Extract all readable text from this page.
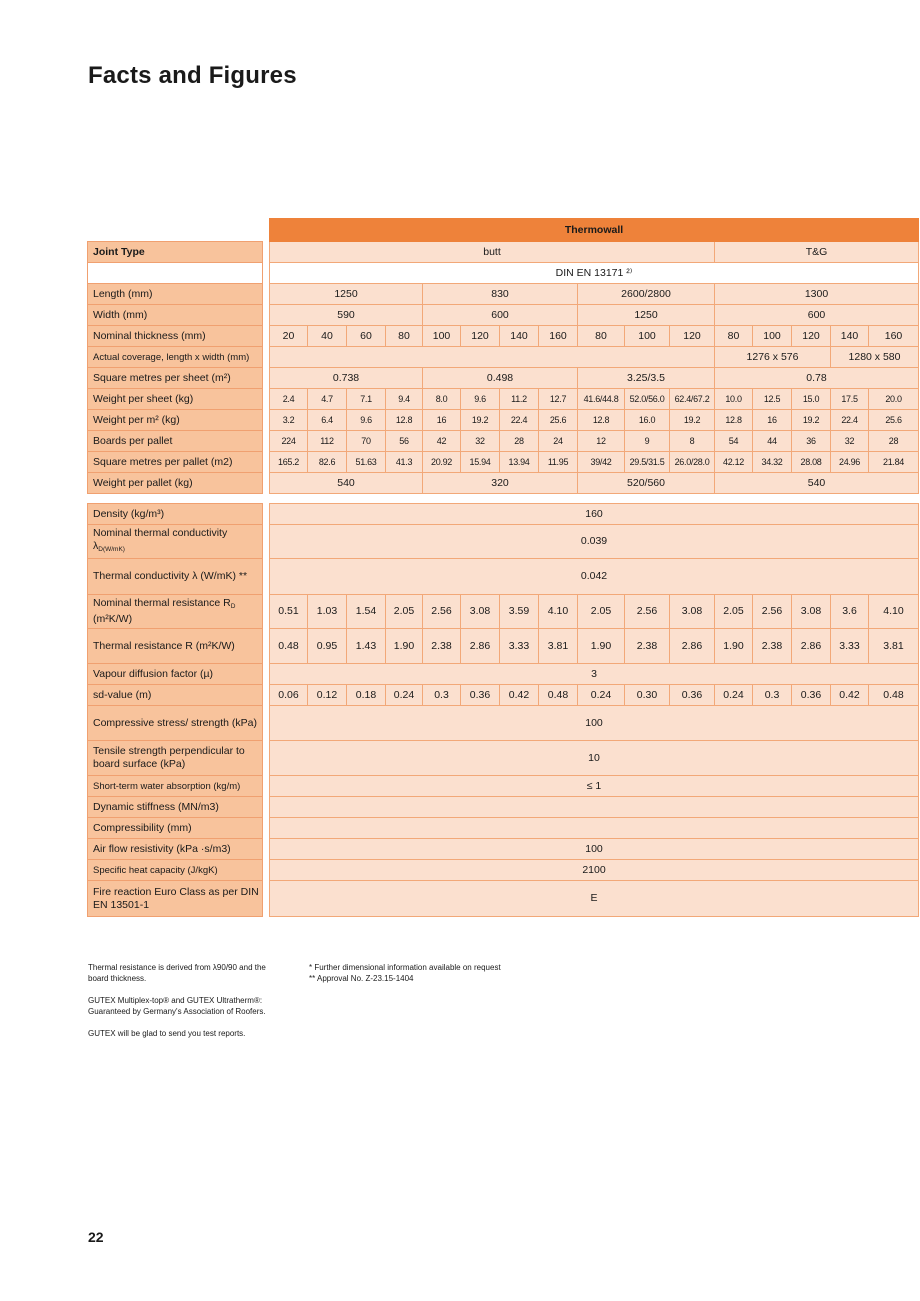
Facts and Figures
		Thermowall															
Joint Type		butt											T&G				
		DIN EN 13171 ²⁾															
Length (mm)		1250				830				2600/2800			1300				
Width (mm)		590				600				1250			600				
Nominal thickness (mm)		20	40	60	80	100	120	140	160	80	100	120	80	100	120	140	160
Actual coverage, length x width (mm)													1276 x 576			1280 x 580	
Square metres per sheet (m²)		0.738				0.498				3.25/3.5			0.78				
Weight per sheet (kg)		2.4	4.7	7.1	9.4	8.0	9.6	11.2	12.7	41.6/44.8	52.0/56.0	62.4/67.2	10.0	12.5	15.0	17.5	20.0
Weight per m² (kg)		3.2	6.4	9.6	12.8	16	19.2	22.4	25.6	12.8	16.0	19.2	12.8	16	19.2	22.4	25.6
Boards per pallet		224	112	70	56	42	32	28	24	12	9	8	54	44	36	32	28
Square metres per pallet (m2)		165.2	82.6	51.63	41.3	20.92	15.94	13.94	11.95	39/42	29.5/31.5	26.0/28.0	42.12	34.32	28.08	24.96	21.84
Weight per pallet (kg)		540				320				520/560			540				

Density (kg/m³)		160															
Nominal thermal conductivity $\lambda_{D(W/mK)}$		0.039															
Thermal conductivity λ (W/mK) **		0.042															
Nominal thermal resistance $R_D$ (m²K/W)		0.51	1.03	1.54	2.05	2.56	3.08	3.59	4.10	2.05	2.56	3.08	2.05	2.56	3.08	3.6	4.10
Thermal resistance R (m²K/W)		0.48	0.95	1.43	1.90	2.38	2.86	3.33	3.81	1.90	2.38	2.86	1.90	2.38	2.86	3.33	3.81
Vapour diffusion factor (µ)		3															
sd-value (m)		0.06	0.12	0.18	0.24	0.3	0.36	0.42	0.48	0.24	0.30	0.36	0.24	0.3	0.36	0.42	0.48
Compressive stress/ strength (kPa)		100															
Tensile strength perpendicular to board surface (kPa)		10															
Short-term water absorption (kg/m)		≤ 1															
Dynamic stiffness (MN/m3)																	
Compressibility (mm)																	
Air flow resistivity (kPa ·s/m3)		100															
Specific heat capacity (J/kgK)		2100															
Fire reaction Euro Class as per DIN EN 13501-1		E															

Thermal resistance is derived from λ90/90 and the board thickness.

GUTEX Multiplex-top® and GUTEX Ultratherm®: Guaranteed by Germany's Association of Roofers.

GUTEX will be glad to send you test reports.

* Further dimensional information available on request
** Approval No. Z-23.15-1404
22
